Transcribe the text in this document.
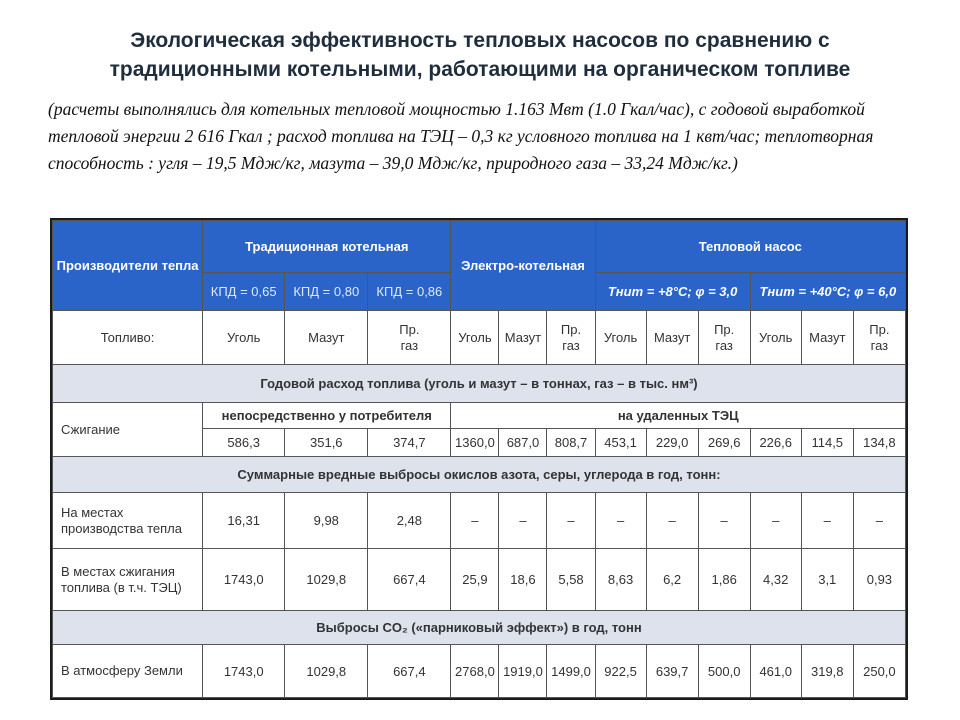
Экологическая эффективность тепловых насосов по сравнению с
традиционными котельными, работающими на органическом топливе
(расчеты выполнялись для котельных тепловой мощностью 1.163 Мвт (1.0 Гкал/час), с годовой выработкой тепловой энергии 2 616 Гкал ; расход топлива на ТЭЦ – 0,3 кг условного топлива на 1 квт/час; теплотворная способность : угля – 19,5 Мдж/кг, мазута – 39,0 Мдж/кг, природного газа – 33,24 Мдж/кг.)
Производители тепла	Традиционная котельная			Электро-котельная			Тепловой насос					
	КПД = 0,65	КПД = 0,80	КПД = 0,86				Tнит = +8°C; φ = 3,0			Tнит = +40°C; φ = 6,0		
Топливо:	Уголь	Мазут	Пр. газ	Уголь	Мазут	Пр. газ	Уголь	Мазут	Пр. газ	Уголь	Мазут	Пр. газ

Годовой расход топлива (уголь и мазут – в тоннах, газ – в тыс. нм³)												
Сжигание	непосредственно у потребителя			на удаленных ТЭЦ								
	586,3	351,6	374,7	1360,0	687,0	808,7	453,1	229,0	269,6	226,6	114,5	134,8
Суммарные вредные выбросы окислов азота, серы, углерода в год, тонн:												
На местах производства тепла	16,31	9,98	2,48	–	–	–	–	–	–	–	–	–
В местах сжигания топлива (в т.ч. ТЭЦ)	1743,0	1029,8	667,4	25,9	18,6	5,58	8,63	6,2	1,86	4,32	3,1	0,93
Выбросы CO₂ («парниковый эффект») в год, тонн												
В атмосферу Земли	1743,0	1029,8	667,4	2768,0	1919,0	1499,0	922,5	639,7	500,0	461,0	319,8	250,0
